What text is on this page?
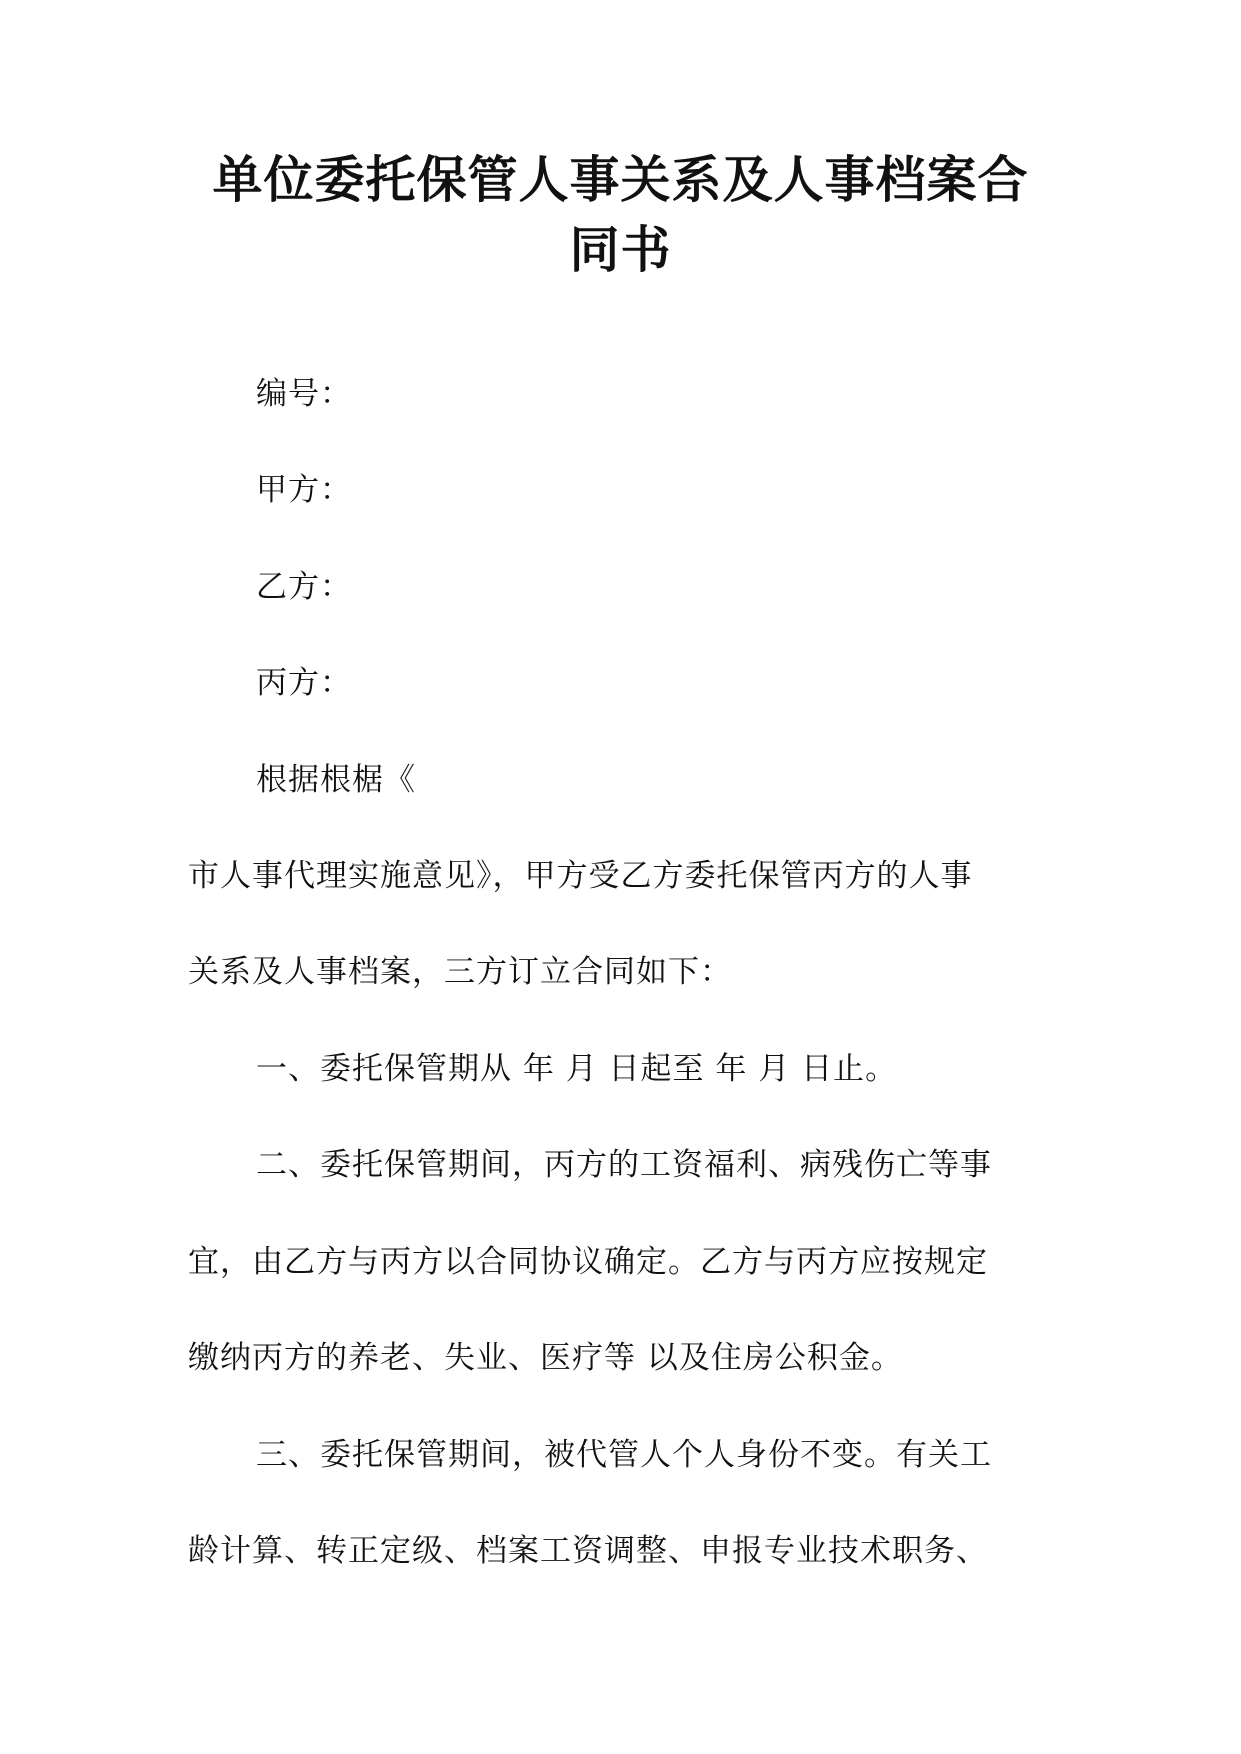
单位委托保管人事关系及人事档案合
同书

编号：

甲方：

乙方：

丙方：

根据根椐《

市人事代理实施意见》，甲方受乙方委托保管丙方的人事

关系及人事档案，三方订立合同如下：

一、委托保管期从 年 月 日起至 年 月 日止。

二、委托保管期间，丙方的工资福利、病残伤亡等事

宜，由乙方与丙方以合同协议确定。乙方与丙方应按规定

缴纳丙方的养老、失业、医疗等 以及住房公积金。

三、委托保管期间，被代管人个人身份不变。有关工

龄计算、转正定级、档案工资调整、申报专业技术职务、
